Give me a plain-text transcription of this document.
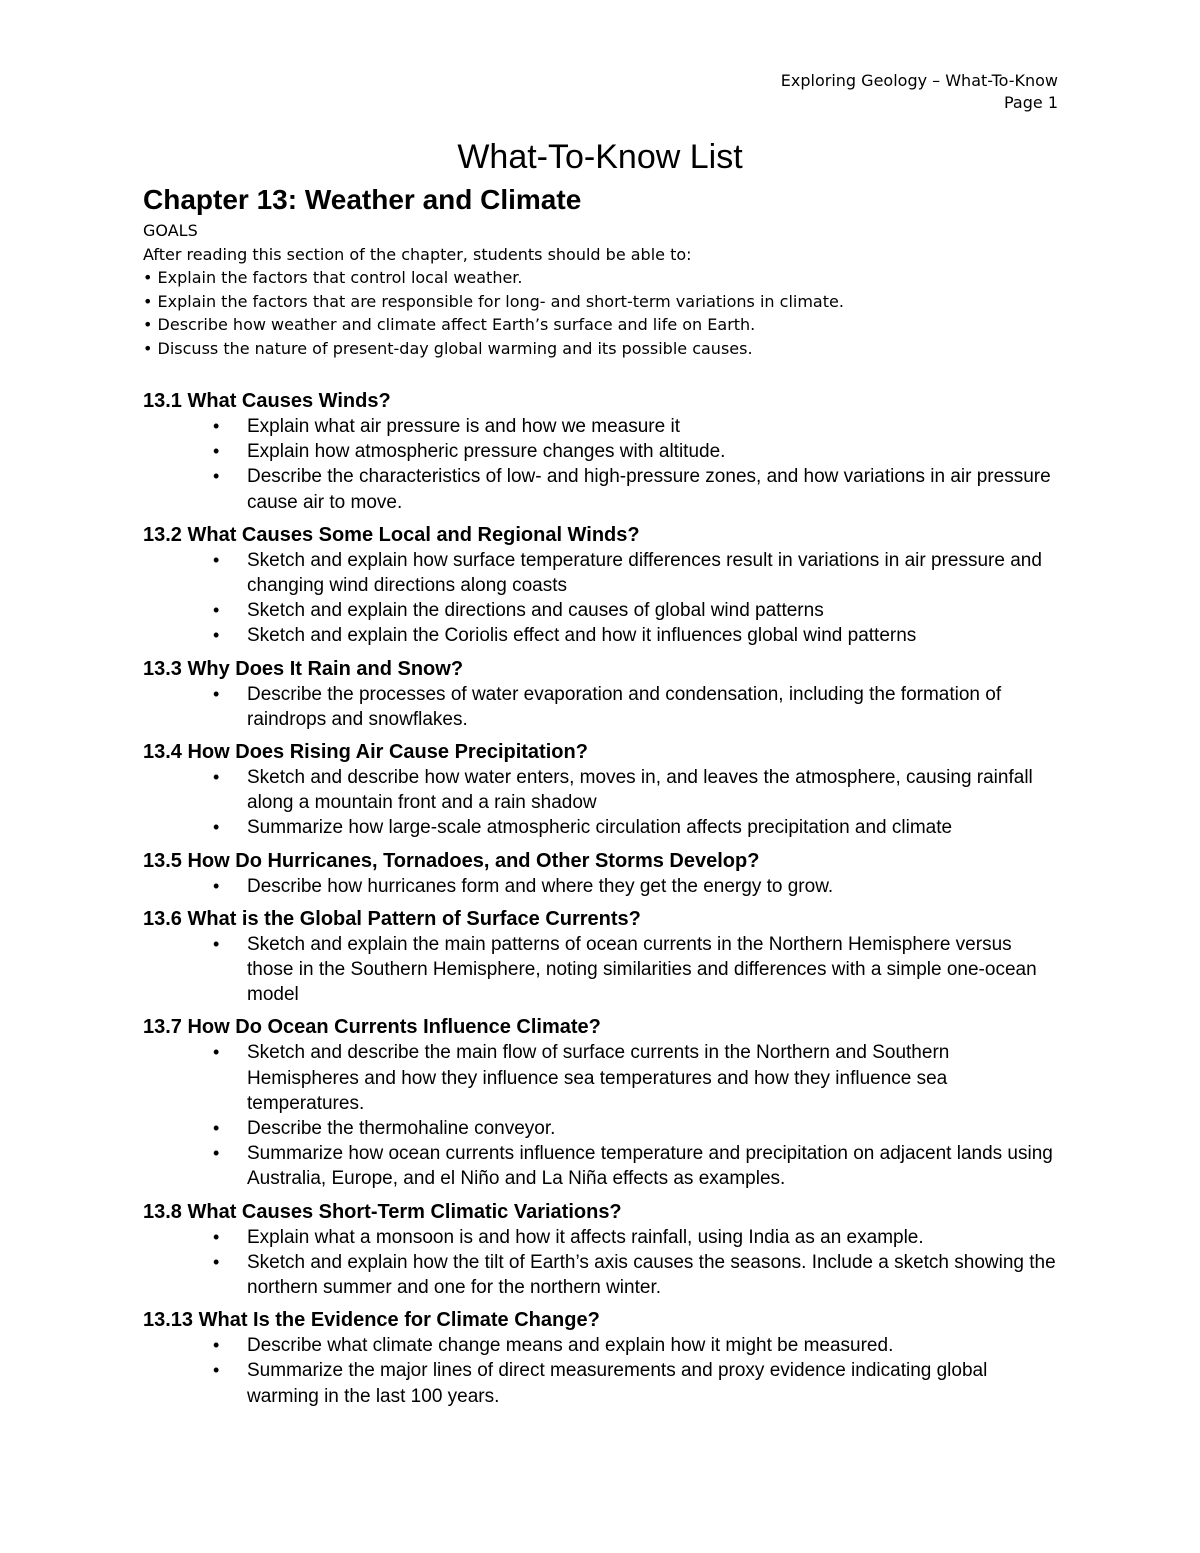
Exploring Geology – What-To-Know
Page 1
What-To-Know List
Chapter 13: Weather and Climate
GOALS
After reading this section of the chapter, students should be able to:
• Explain the factors that control local weather.
• Explain the factors that are responsible for long- and short-term variations in climate.
• Describe how weather and climate affect Earth’s surface and life on Earth.
• Discuss the nature of present-day global warming and its possible causes.
13.1 What Causes Winds?
• Explain what air pressure is and how we measure it
• Explain how atmospheric pressure changes with altitude.
• Describe the characteristics of low- and high-pressure zones, and how variations in air pressure cause air to move.
13.2 What Causes Some Local and Regional Winds?
• Sketch and explain how surface temperature differences result in variations in air pressure and changing wind directions along coasts
• Sketch and explain the directions and causes of global wind patterns
• Sketch and explain the Coriolis effect and how it influences global wind patterns
13.3 Why Does It Rain and Snow?
• Describe the processes of water evaporation and condensation, including the formation of raindrops and snowflakes.
13.4 How Does Rising Air Cause Precipitation?
• Sketch and describe how water enters, moves in, and leaves the atmosphere, causing rainfall along a mountain front and a rain shadow
• Summarize how large-scale atmospheric circulation affects precipitation and climate
13.5 How Do Hurricanes, Tornadoes, and Other Storms Develop?
• Describe how hurricanes form and where they get the energy to grow.
13.6 What is the Global Pattern of Surface Currents?
• Sketch and explain the main patterns of ocean currents in the Northern Hemisphere versus those in the Southern Hemisphere, noting similarities and differences with a simple one-ocean model
13.7 How Do Ocean Currents Influence Climate?
• Sketch and describe the main flow of surface currents in the Northern and Southern Hemispheres and how they influence sea temperatures and how they influence sea temperatures.
• Describe the thermohaline conveyor.
• Summarize how ocean currents influence temperature and precipitation on adjacent lands using Australia, Europe, and el Niño and La Niña effects as examples.
13.8 What Causes Short-Term Climatic Variations?
• Explain what a monsoon is and how it affects rainfall, using India as an example.
• Sketch and explain how the tilt of Earth’s axis causes the seasons. Include a sketch showing the northern summer and one for the northern winter.
13.13 What Is the Evidence for Climate Change?
• Describe what climate change means and explain how it might be measured.
• Summarize the major lines of direct measurements and proxy evidence indicating global warming in the last 100 years.
